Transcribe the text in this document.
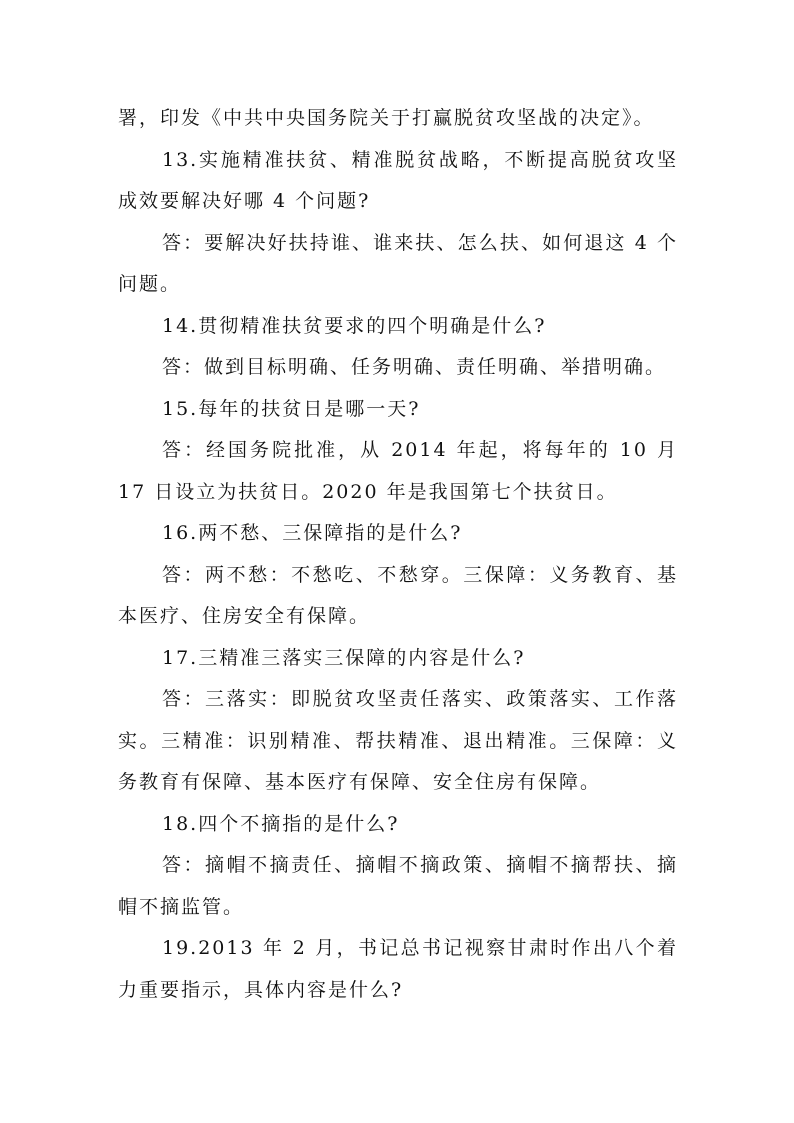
署，印发《中共中央国务院关于打赢脱贫攻坚战的决定》。

13.实施精准扶贫、精准脱贫战略，不断提高脱贫攻坚成效要解决好哪 4 个问题?

答：要解决好扶持谁、谁来扶、怎么扶、如何退这 4 个问题。

14.贯彻精准扶贫要求的四个明确是什么?

答：做到目标明确、任务明确、责任明确、举措明确。

15.每年的扶贫日是哪一天?

答：经国务院批准，从 2014 年起，将每年的 10 月 17 日设立为扶贫日。2020 年是我国第七个扶贫日。

16.两不愁、三保障指的是什么?

答：两不愁：不愁吃、不愁穿。三保障：义务教育、基本医疗、住房安全有保障。

17.三精准三落实三保障的内容是什么?

答：三落实：即脱贫攻坚责任落实、政策落实、工作落实。三精准：识别精准、帮扶精准、退出精准。三保障：义务教育有保障、基本医疗有保障、安全住房有保障。

18.四个不摘指的是什么?

答：摘帽不摘责任、摘帽不摘政策、摘帽不摘帮扶、摘帽不摘监管。

19.2013 年 2 月，书记总书记视察甘肃时作出八个着力重要指示，具体内容是什么?
